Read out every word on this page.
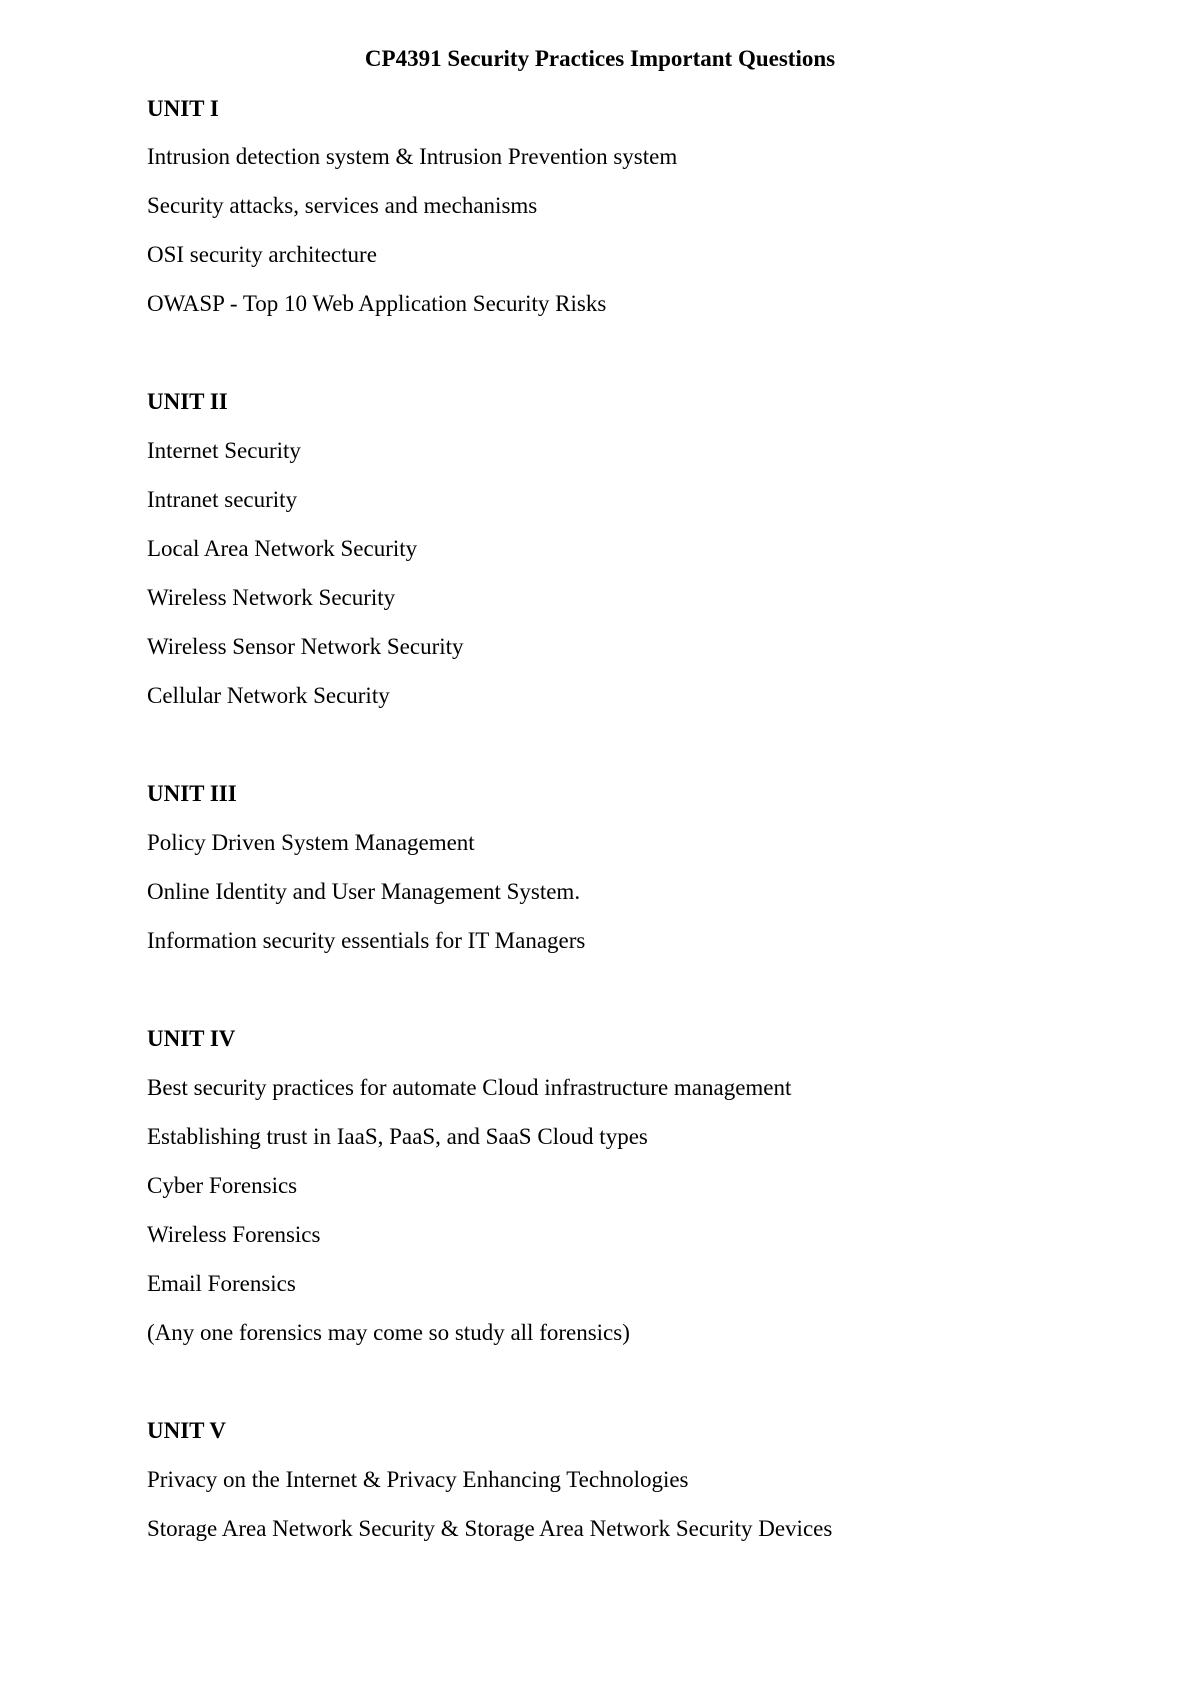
CP4391 Security Practices Important Questions
UNIT I
Intrusion detection system & Intrusion Prevention system
Security attacks, services and mechanisms
OSI security architecture
OWASP - Top 10 Web Application Security Risks
UNIT II
Internet Security
Intranet security
Local Area Network Security
Wireless Network Security
Wireless Sensor Network Security
Cellular Network Security
UNIT III
Policy Driven System Management
Online Identity and User Management System.
Information security essentials for IT Managers
UNIT IV
Best security practices for automate Cloud infrastructure management
Establishing trust in IaaS, PaaS, and SaaS Cloud types
Cyber Forensics
Wireless Forensics
Email Forensics
(Any one forensics may come so study all forensics)
UNIT V
Privacy on the Internet & Privacy Enhancing Technologies
Storage Area Network Security & Storage Area Network Security Devices
